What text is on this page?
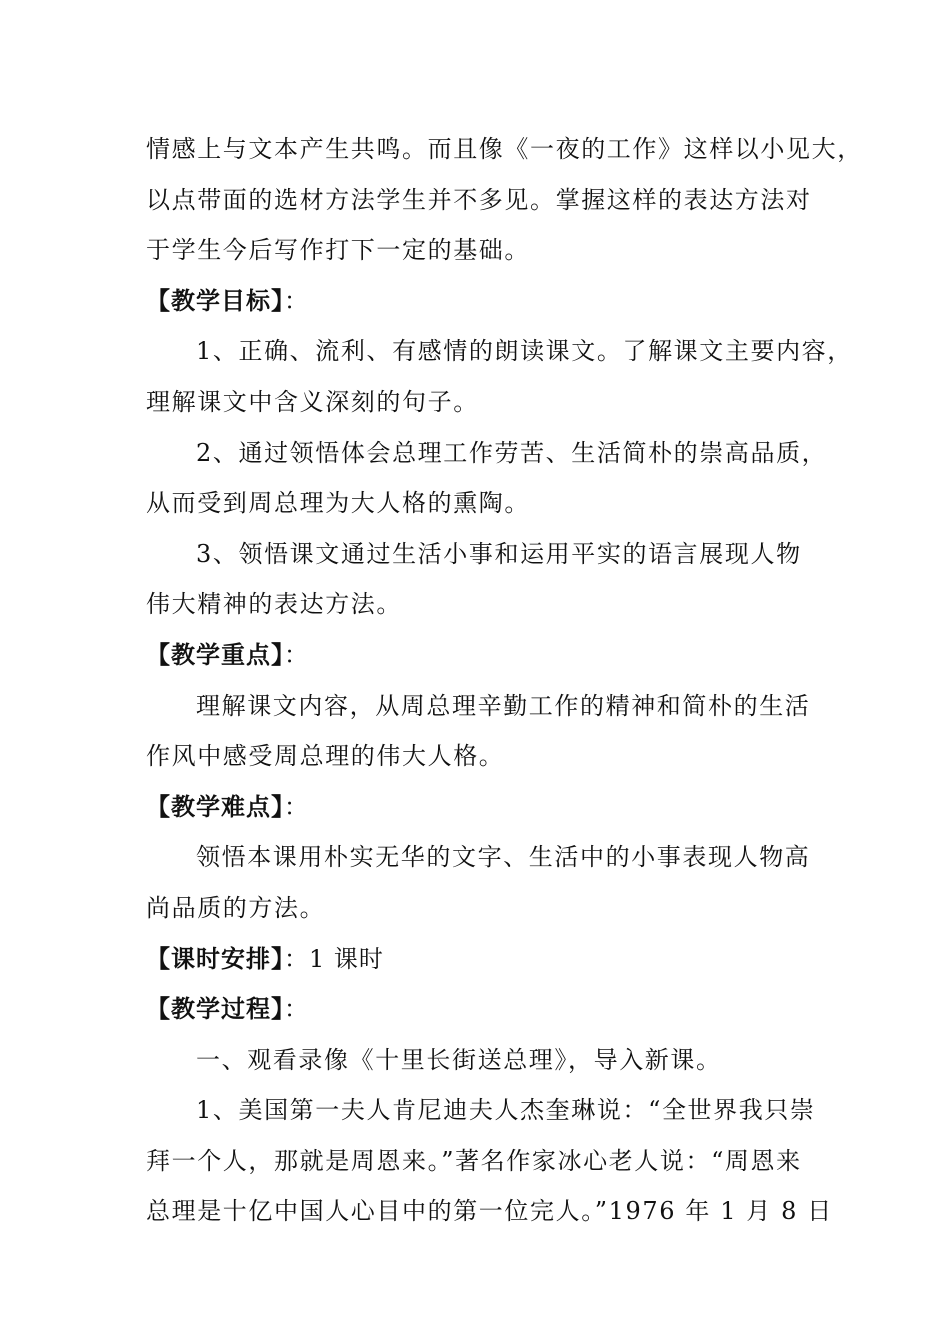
情感上与文本产生共鸣。而且像《一夜的工作》这样以小见大，
以点带面的选材方法学生并不多见。掌握这样的表达方法对
于学生今后写作打下一定的基础。
【教学目标】：
1、正确、流利、有感情的朗读课文。了解课文主要内容，
理解课文中含义深刻的句子。
2、通过领悟体会总理工作劳苦、生活简朴的崇高品质，
从而受到周总理为大人格的熏陶。
3、领悟课文通过生活小事和运用平实的语言展现人物
伟大精神的表达方法。
【教学重点】：
理解课文内容，从周总理辛勤工作的精神和简朴的生活
作风中感受周总理的伟大人格。
【教学难点】：
领悟本课用朴实无华的文字、生活中的小事表现人物高
尚品质的方法。
【课时安排】：1 课时
【教学过程】：
一、观看录像《十里长街送总理》，导入新课。
1、美国第一夫人肯尼迪夫人杰奎琳说：“全世界我只崇
拜一个人，那就是周恩来。”著名作家冰心老人说：“周恩来
总理是十亿中国人心目中的第一位完人。”1976 年 1 月 8 日
